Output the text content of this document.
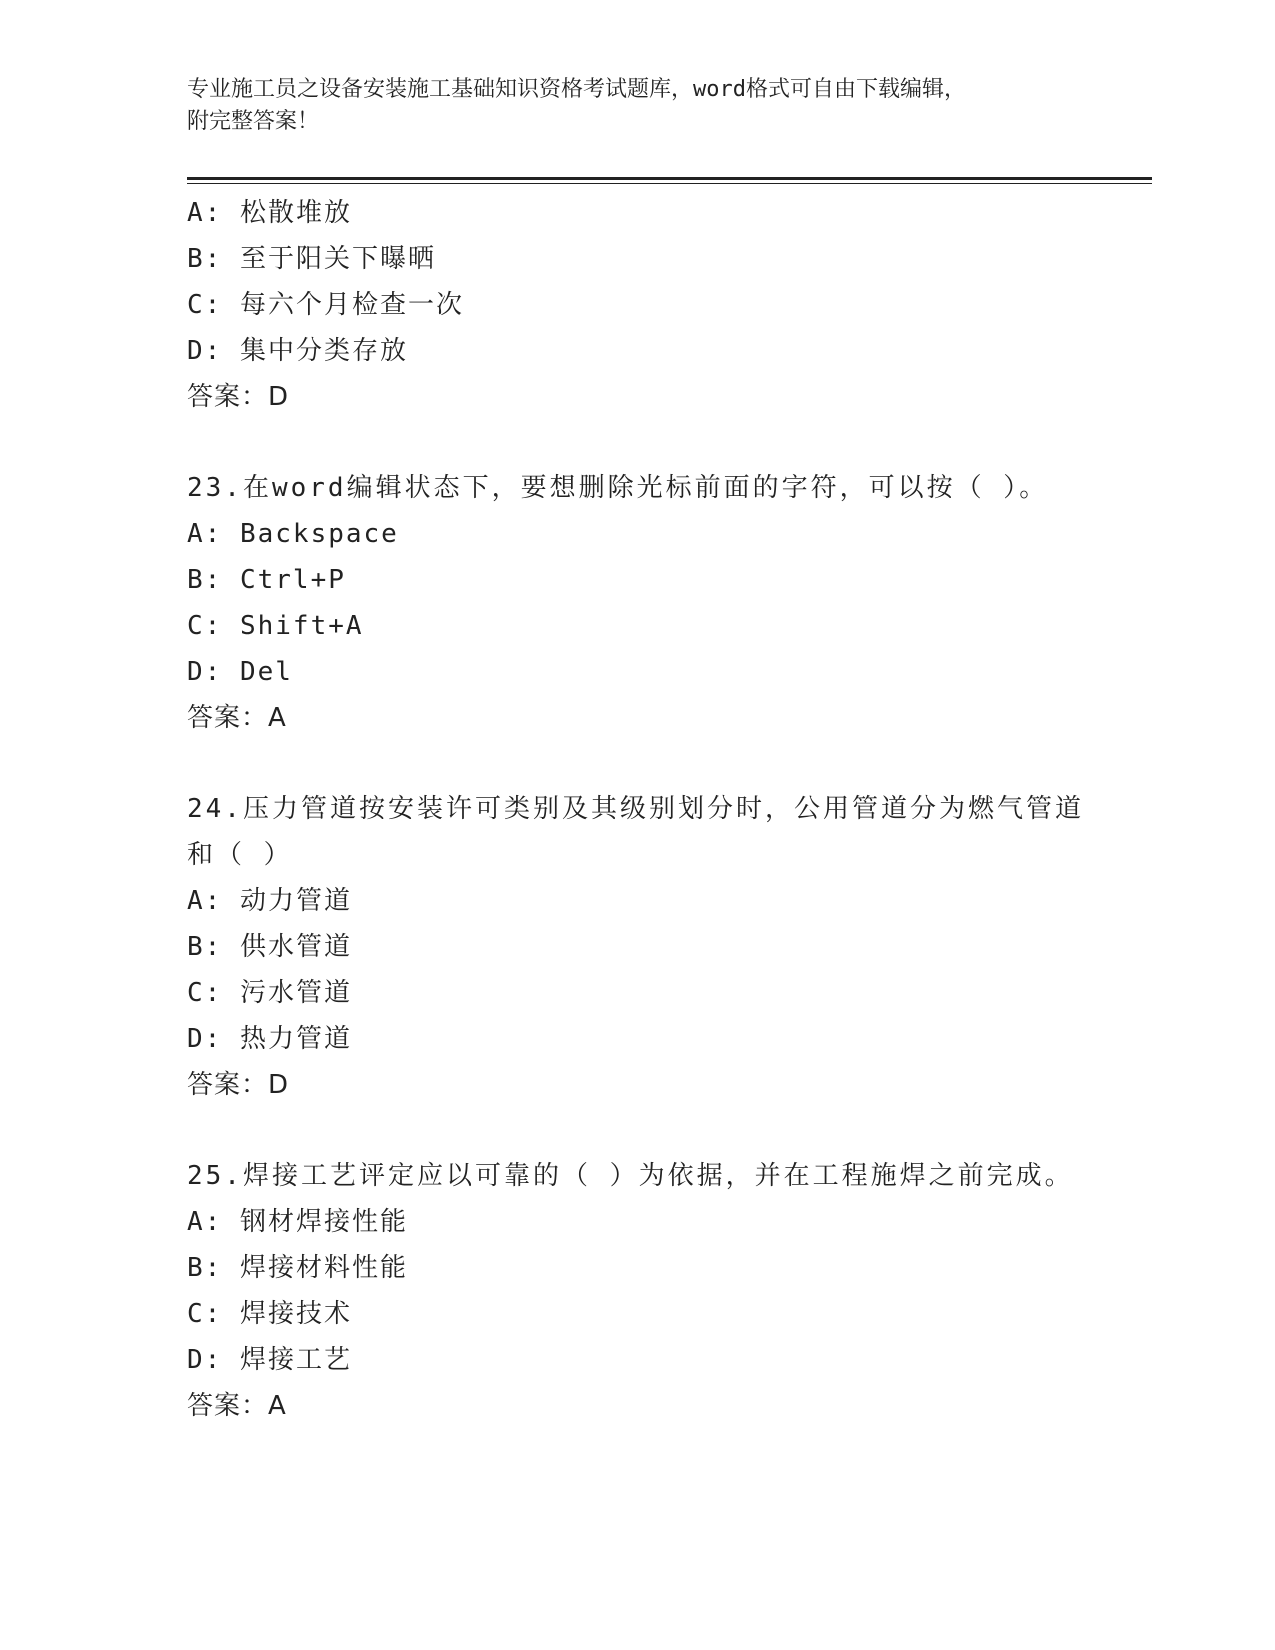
专业施工员之设备安装施工基础知识资格考试题库，word格式可自由下载编辑，
附完整答案！
A: 松散堆放
B: 至于阳关下曝晒
C: 每六个月检查一次
D: 集中分类存放
答案：D
23.在word编辑状态下，要想删除光标前面的字符，可以按（ ）。
A: Backspace
B: Ctrl+P
C: Shift+A
D: Del
答案：A
24.压力管道按安装许可类别及其级别划分时，公用管道分为燃气管道
和（ ）
A: 动力管道
B: 供水管道
C: 污水管道
D: 热力管道
答案：D
25.焊接工艺评定应以可靠的（ ）为依据，并在工程施焊之前完成。
A: 钢材焊接性能
B: 焊接材料性能
C: 焊接技术
D: 焊接工艺
答案：A
